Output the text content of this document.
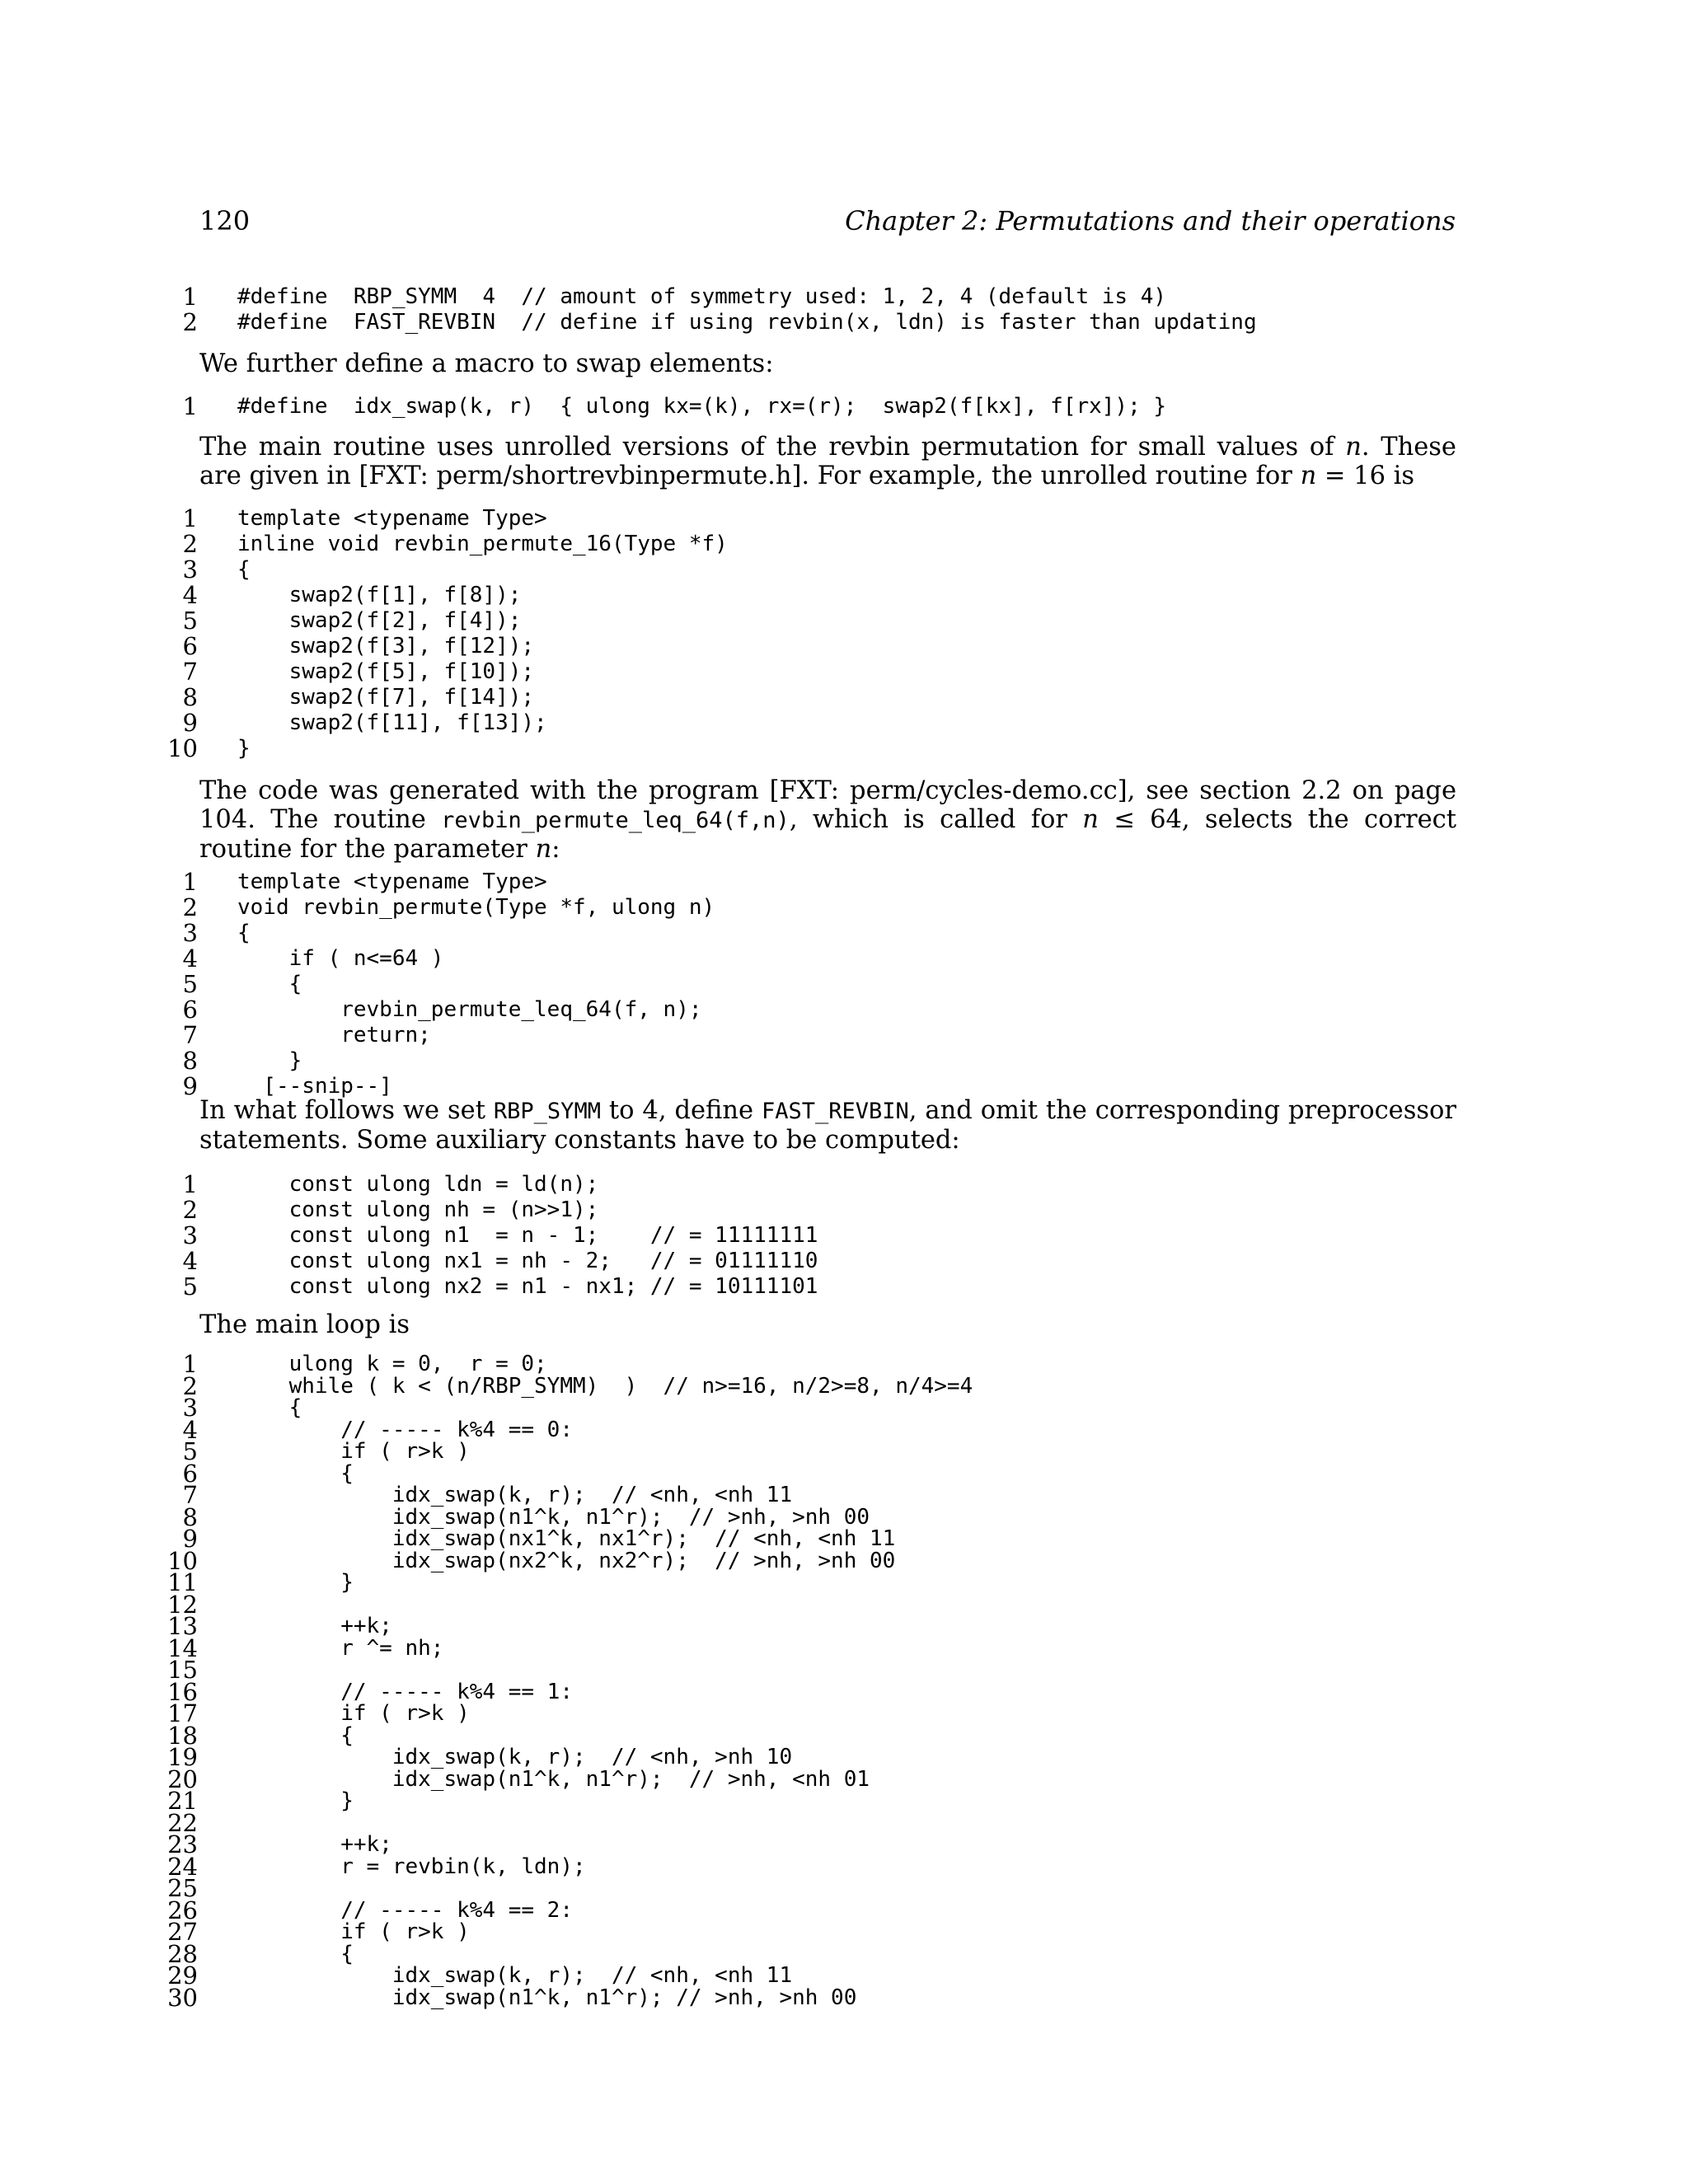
120	Chapter 2: Permutations and their operations
1 #define  RBP_SYMM  4  // amount of symmetry used: 1, 2, 4 (default is 4)
2 #define  FAST_REVBIN  // define if using revbin(x, ldn) is faster than updating

We further define a macro to swap elements:

1 #define  idx_swap(k, r)  { ulong kx=(k), rx=(r);  swap2(f[kx], f[rx]); }

The main routine uses unrolled versions of the revbin permutation for small values of n. These are given in [FXT: perm/shortrevbinpermute.h]. For example, the unrolled routine for n = 16 is

1 template <typename Type>
2 inline void revbin_permute_16(Type *f)
3 {
4 swap2(f[1], f[8]);
5 swap2(f[2], f[4]);
6 swap2(f[3], f[12]);
7 swap2(f[5], f[10]);
8 swap2(f[7], f[14]);
9 swap2(f[11], f[13]);
10 }

The code was generated with the program [FXT: perm/cycles-demo.cc], see section 2.2 on page 104. The routine revbin_permute_leq_64(f,n), which is called for n ≤ 64, selects the correct routine for the parameter n:

1 template <typename Type>
2 void revbin_permute(Type *f, ulong n)
3 {
4 if ( n<=64 )
5 {
6 revbin_permute_leq_64(f, n);
7 return;
8 }
9 [--snip--]

In what follows we set RBP_SYMM to 4, define FAST_REVBIN, and omit the corresponding preprocessor statements. Some auxiliary constants have to be computed:

1 const ulong ldn = ld(n);
2 const ulong nh = (n>>1);
3 const ulong n1  = n - 1;    // = 11111111
4 const ulong nx1 = nh - 2;   // = 01111110
5 const ulong nx2 = n1 - nx1; // = 10111101

The main loop is

1 ulong k = 0,  r = 0;
2 while ( k < (n/RBP_SYMM)  )  // n>=16, n/2>=8, n/4>=4
3 {
4 // ----- k%4 == 0:
5 if ( r>k )
6 {
7 idx_swap(k, r);  // <nh, <nh 11
8 idx_swap(n1^k, n1^r);  // >nh, >nh 00
9 idx_swap(nx1^k, nx1^r);  // <nh, <nh 11
10 idx_swap(nx2^k, nx2^r);  // >nh, >nh 00
11 }
12
13 ++k;
14 r ^= nh;
15
16 // ----- k%4 == 1:
17 if ( r>k )
18 {
19 idx_swap(k, r);  // <nh, >nh 10
20 idx_swap(n1^k, n1^r);  // >nh, <nh 01
21 }
22
23 ++k;
24 r = revbin(k, ldn);
25
26 // ----- k%4 == 2:
27 if ( r>k )
28 {
29 idx_swap(k, r);  // <nh, <nh 11
30 idx_swap(n1^k, n1^r); // >nh, >nh 00
